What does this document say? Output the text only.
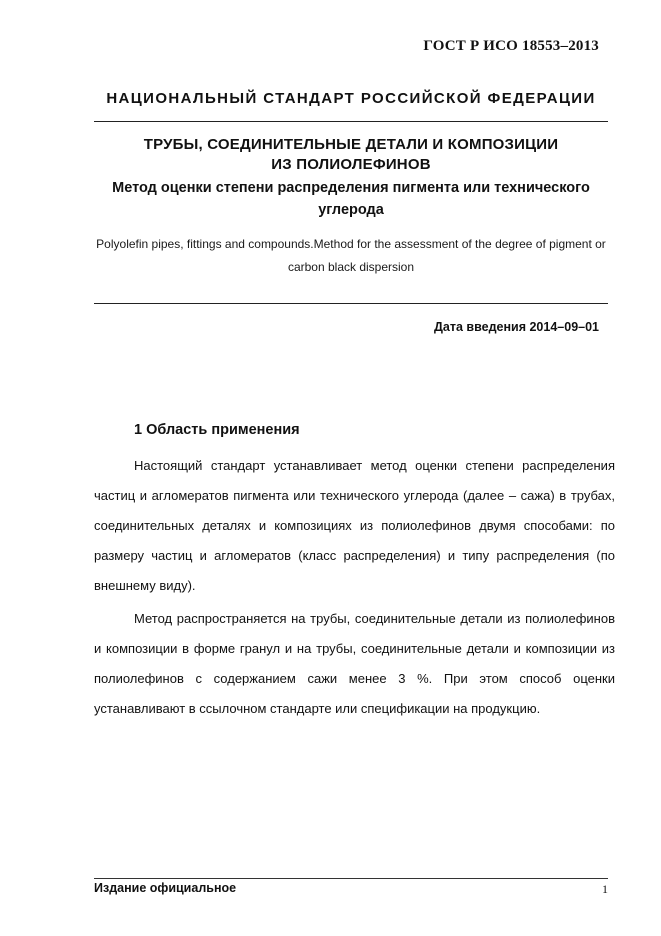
ГОСТ Р ИСО 18553–2013
НАЦИОНАЛЬНЫЙ СТАНДАРТ РОССИЙСКОЙ ФЕДЕРАЦИИ
ТРУБЫ, СОЕДИНИТЕЛЬНЫЕ ДЕТАЛИ И КОМПОЗИЦИИ
ИЗ ПОЛИОЛЕФИНОВ
Метод оценки степени распределения пигмента или технического
углерода
Polyolefin pipes, fittings and compounds.Method for the assessment of the degree of pigment or
carbon black dispersion
Дата введения 2014–09–01
1 Область применения

Настоящий стандарт устанавливает метод оценки степени распределения частиц и агломератов пигмента или технического углерода (далее – сажа) в трубах, соединительных деталях и композициях из полиолефинов двумя способами: по размеру частиц и агломератов (класс распределения) и типу распределения (по внешнему виду).

Метод распространяется на трубы, соединительные детали из полиолефинов и композиции в форме гранул и на трубы, соединительные детали и композиции из полиолефинов с содержанием сажи менее 3 %. При этом способ оценки устанавливают в ссылочном стандарте или спецификации на продукцию.

Издание официальное	1
